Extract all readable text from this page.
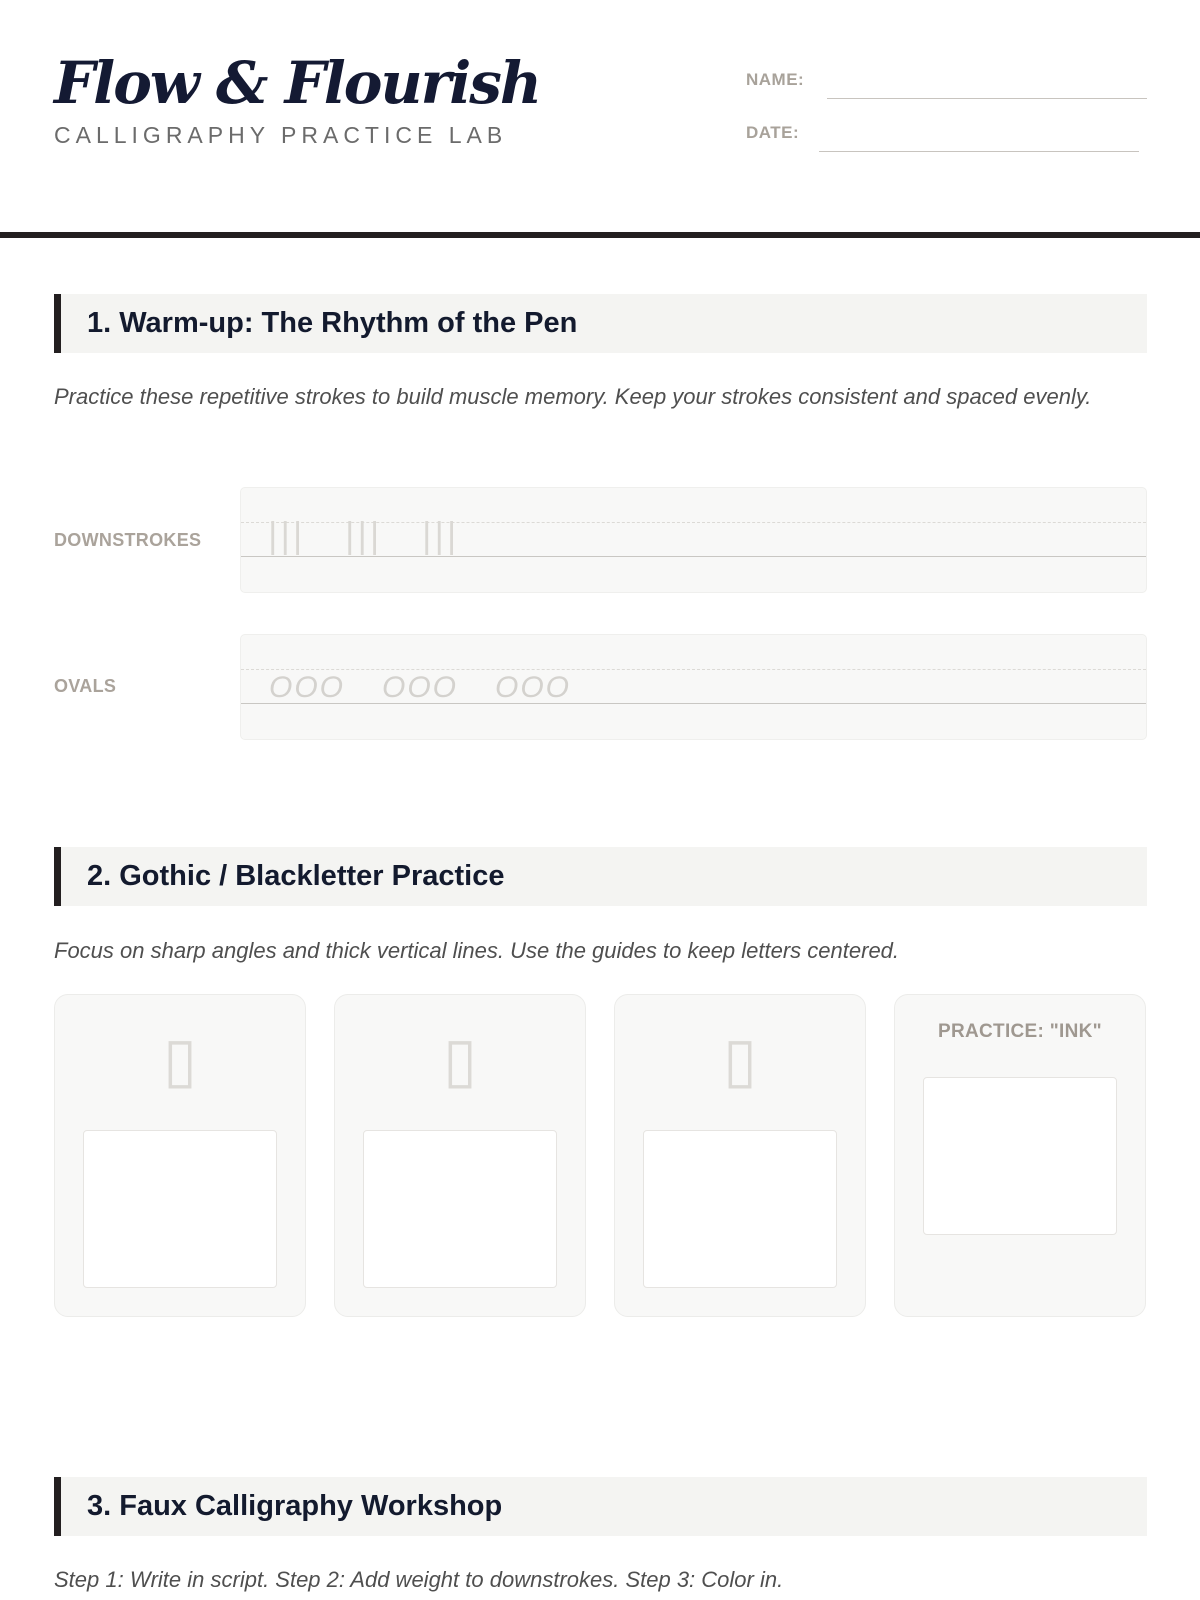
Flow & Flourish
CALLIGRAPHY PRACTICE LAB
NAME:
DATE:
1. Warm-up: The Rhythm of the Pen

Practice these repetitive strokes to build muscle memory. Keep your strokes consistent and spaced evenly.

DOWNSTROKES ||| ||| |||
OVALS	OOO OOO OOO
2. Gothic / Blackletter Practice

Focus on sharp angles and thick vertical lines. Use the guides to keep letters centered.

▯	▯	▯	PRACTICE: "INK"
3. Faux Calligraphy Workshop

Step 1: Write in script. Step 2: Add weight to downstrokes. Step 3: Color in.
